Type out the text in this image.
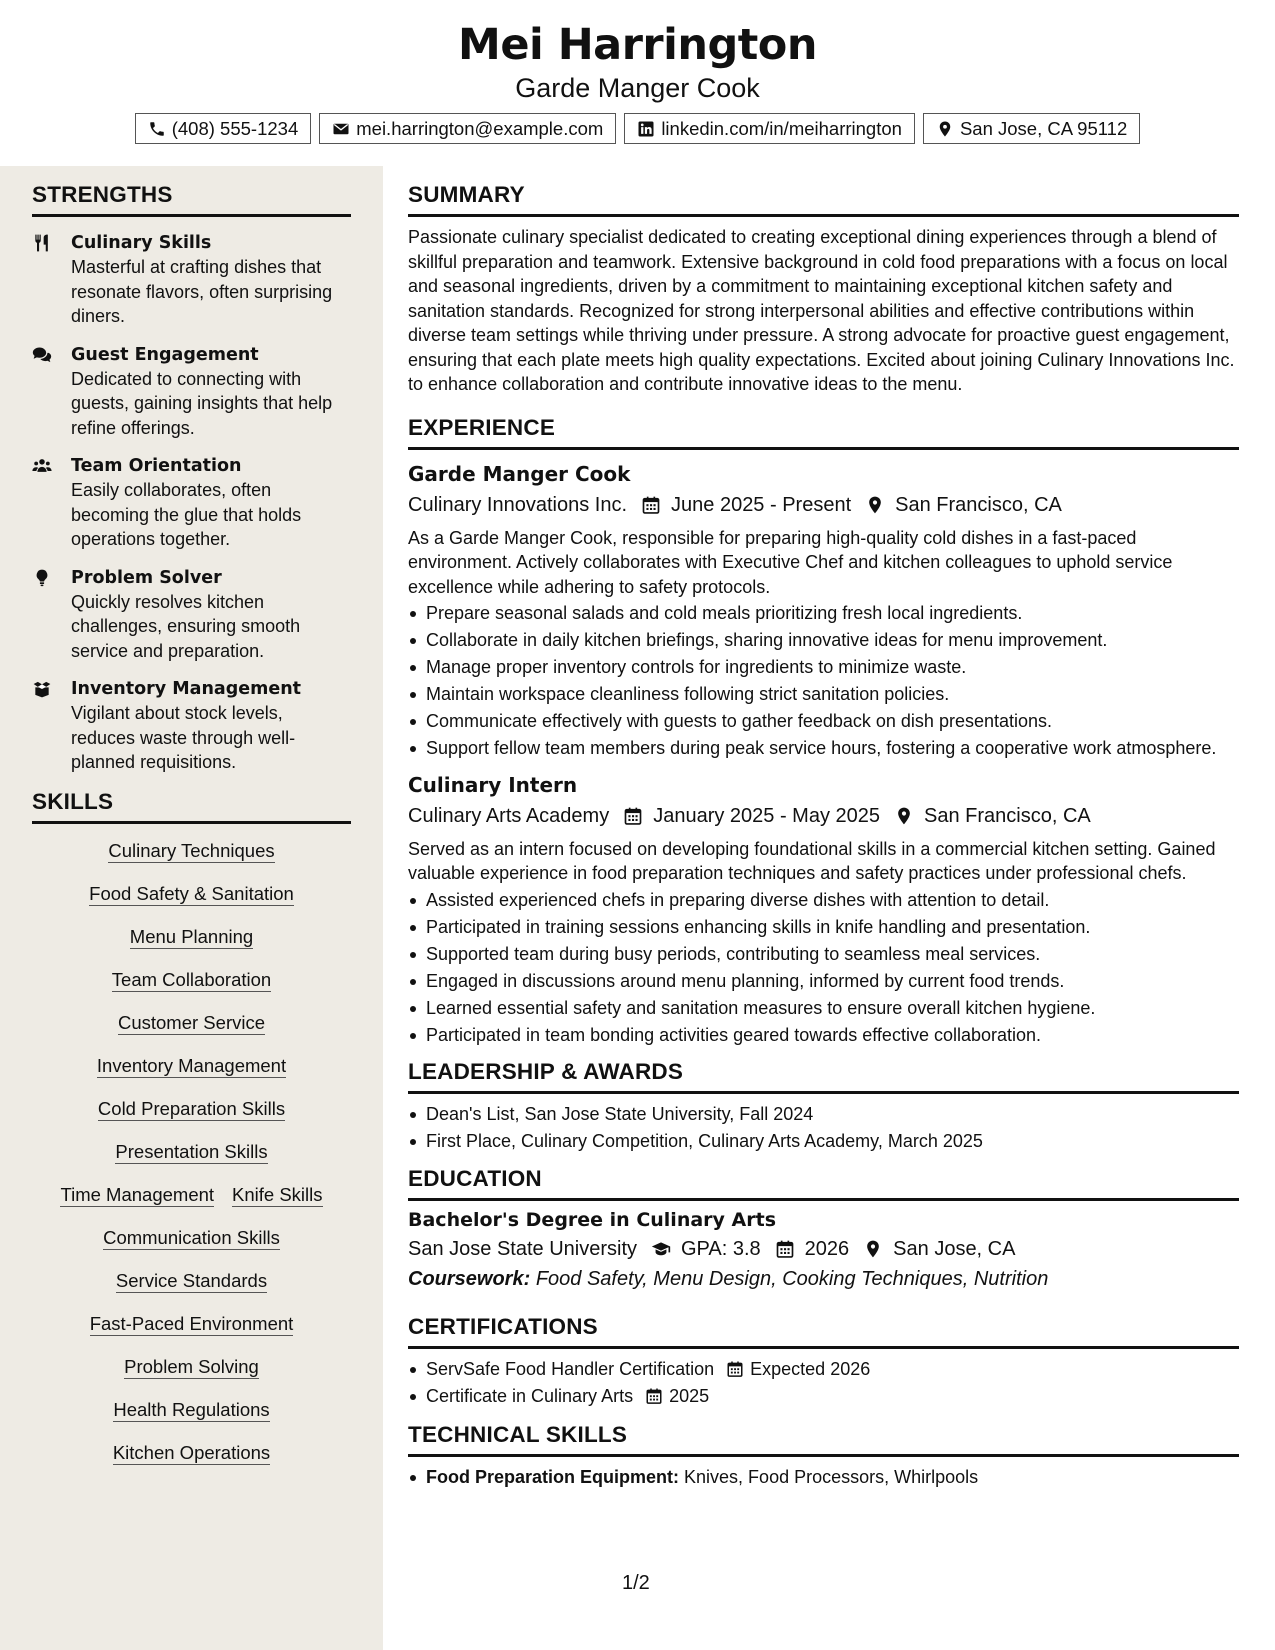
Mei Harrington
Garde Manger Cook
(408) 555-1234	mei.harrington@example.com	linkedin.com/in/meiharrington	San Jose, CA 95112
STRENGTHS
Culinary Skills
Masterful at crafting dishes that resonate flavors, often surprising diners.
Guest Engagement
Dedicated to connecting with guests, gaining insights that help refine offerings.
Team Orientation
Easily collaborates, often becoming the glue that holds operations together.
Problem Solver
Quickly resolves kitchen challenges, ensuring smooth service and preparation.
Inventory Management
Vigilant about stock levels, reduces waste through well-planned requisitions.
SKILLS
Culinary Techniques
Food Safety & Sanitation
Menu Planning
Team Collaboration
Customer Service
Inventory Management
Cold Preparation Skills
Presentation Skills
Time Management Knife Skills
Communication Skills
Service Standards
Fast-Paced Environment
Problem Solving
Health Regulations
Kitchen Operations
SUMMARY
Passionate culinary specialist dedicated to creating exceptional dining experiences through a blend of skillful preparation and teamwork. Extensive background in cold food preparations with a focus on local and seasonal ingredients, driven by a commitment to maintaining exceptional kitchen safety and sanitation standards. Recognized for strong interpersonal abilities and effective contributions within diverse team settings while thriving under pressure. A strong advocate for proactive guest engagement, ensuring that each plate meets high quality expectations. Excited about joining Culinary Innovations Inc. to enhance collaboration and contribute innovative ideas to the menu.
EXPERIENCE
Garde Manger Cook
Culinary Innovations Inc. June 2025 - Present San Francisco, CA
As a Garde Manger Cook, responsible for preparing high-quality cold dishes in a fast-paced environment. Actively collaborates with Executive Chef and kitchen colleagues to uphold service excellence while adhering to safety protocols.
Prepare seasonal salads and cold meals prioritizing fresh local ingredients.
Collaborate in daily kitchen briefings, sharing innovative ideas for menu improvement.
Manage proper inventory controls for ingredients to minimize waste.
Maintain workspace cleanliness following strict sanitation policies.
Communicate effectively with guests to gather feedback on dish presentations.
Support fellow team members during peak service hours, fostering a cooperative work atmosphere.
Culinary Intern
Culinary Arts Academy January 2025 - May 2025 San Francisco, CA
Served as an intern focused on developing foundational skills in a commercial kitchen setting. Gained valuable experience in food preparation techniques and safety practices under professional chefs.
Assisted experienced chefs in preparing diverse dishes with attention to detail.
Participated in training sessions enhancing skills in knife handling and presentation.
Supported team during busy periods, contributing to seamless meal services.
Engaged in discussions around menu planning, informed by current food trends.
Learned essential safety and sanitation measures to ensure overall kitchen hygiene.
Participated in team bonding activities geared towards effective collaboration.
LEADERSHIP & AWARDS
Dean's List, San Jose State University, Fall 2024
First Place, Culinary Competition, Culinary Arts Academy, March 2025
EDUCATION
Bachelor's Degree in Culinary Arts
San Jose State University GPA: 3.8 2026 San Jose, CA
Coursework: Food Safety, Menu Design, Cooking Techniques, Nutrition
CERTIFICATIONS
ServSafe Food Handler Certification Expected 2026
Certificate in Culinary Arts 2025
TECHNICAL SKILLS
Food Preparation Equipment: Knives, Food Processors, Whirlpools
1/2
